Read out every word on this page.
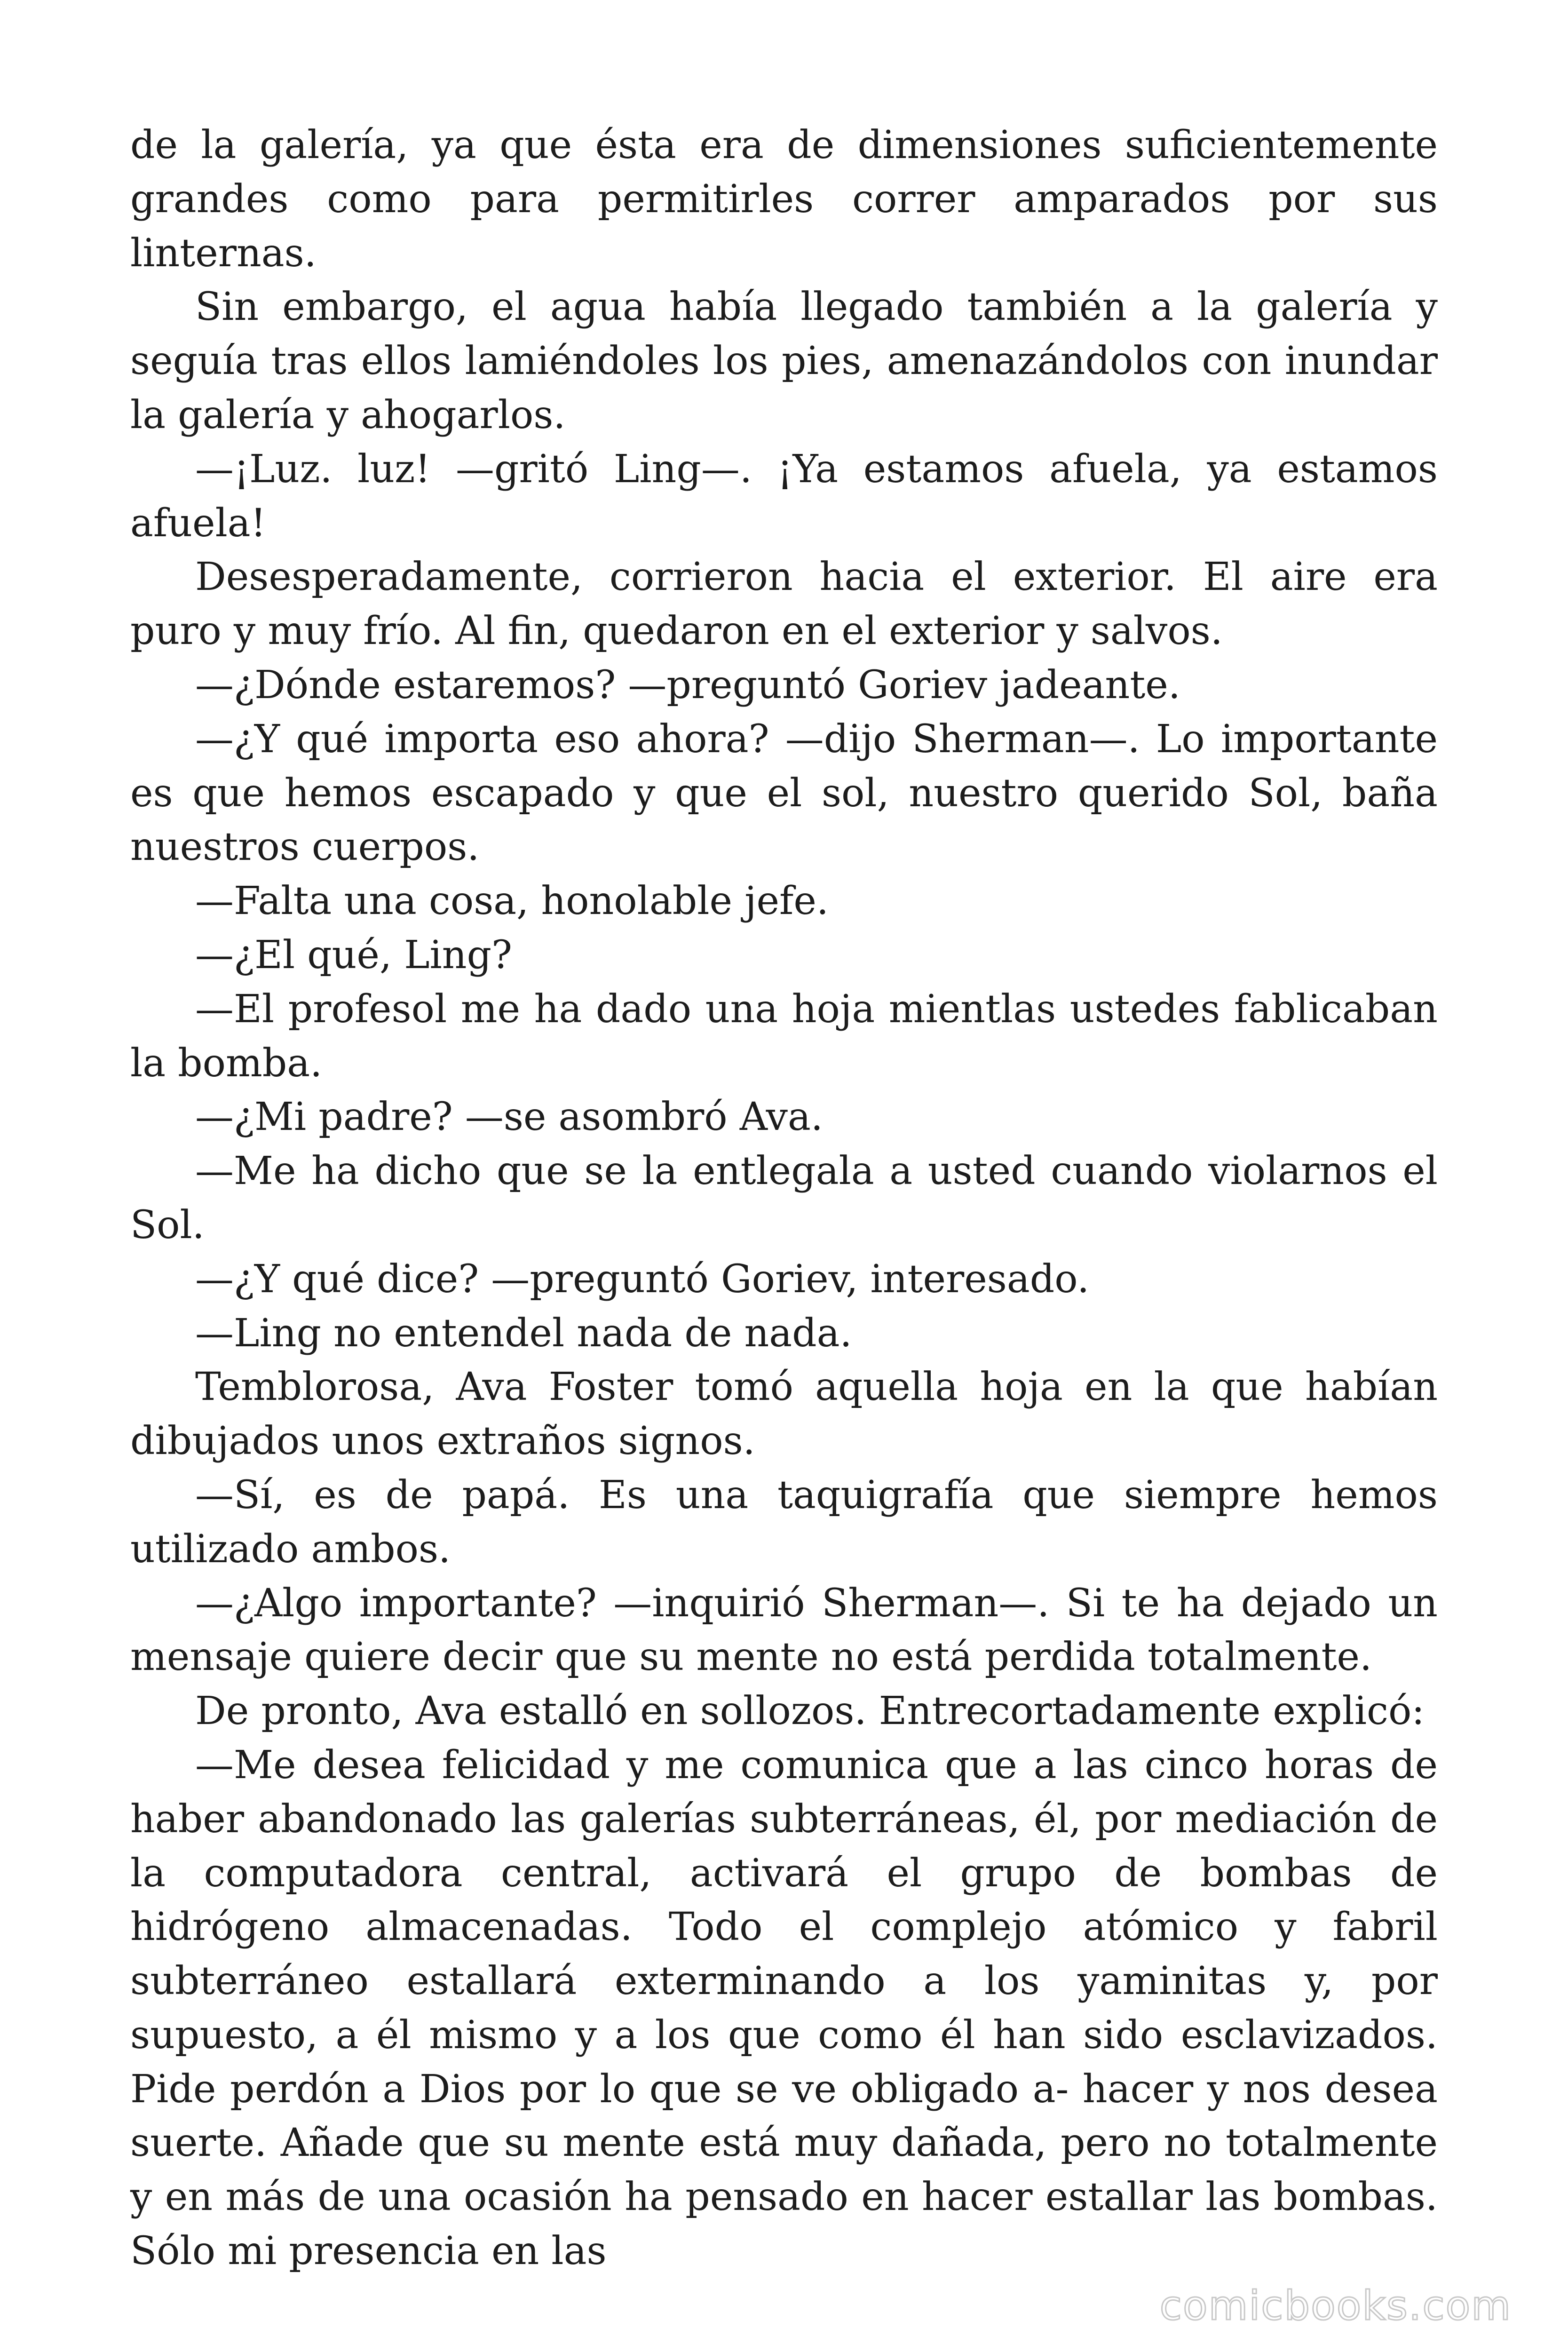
de la galería, ya que ésta era de dimensiones suficientemente grandes como para permitirles correr amparados por sus linternas.

Sin embargo, el agua había llegado también a la galería y seguía tras ellos lamiéndoles los pies, amenazándolos con inundar la galería y ahogarlos.

—¡Luz. luz! —gritó Ling—. ¡Ya estamos afuela, ya estamos afuela!

Desesperadamente, corrieron hacia el exterior. El aire era puro y muy frío. Al fin, quedaron en el exterior y salvos.

—¿Dónde estaremos? —preguntó Goriev jadeante.

—¿Y qué importa eso ahora? —dijo Sherman—. Lo importante es que hemos escapado y que el sol, nuestro querido Sol, baña nuestros cuerpos.

—Falta una cosa, honolable jefe.

—¿El qué, Ling?

—El profesol me ha dado una hoja mientlas ustedes fablicaban la bomba.

—¿Mi padre? —se asombró Ava.

—Me ha dicho que se la entlegala a usted cuando violarnos el Sol.

—¿Y qué dice? —preguntó Goriev, interesado.

—Ling no entendel nada de nada.

Temblorosa, Ava Foster tomó aquella hoja en la que habían dibujados unos extraños signos.

—Sí, es de papá. Es una taquigrafía que siempre hemos utilizado ambos.

—¿Algo importante? —inquirió Sherman—. Si te ha dejado un mensaje quiere decir que su mente no está perdida totalmente.

De pronto, Ava estalló en sollozos. Entrecortadamente explicó:

—Me desea felicidad y me comunica que a las cinco horas de haber abandonado las galerías subterráneas, él, por mediación de la computadora central, activará el grupo de bombas de hidrógeno almacenadas. Todo el complejo atómico y fabril subterráneo estallará exterminando a los yaminitas y, por supuesto, a él mismo y a los que como él han sido esclavizados. Pide perdón a Dios por lo que se ve obligado a- hacer y nos desea suerte. Añade que su mente está muy dañada, pero no totalmente y en más de una ocasión ha pensado en hacer estallar las bombas. Sólo mi presencia en las

comicbooks.com
